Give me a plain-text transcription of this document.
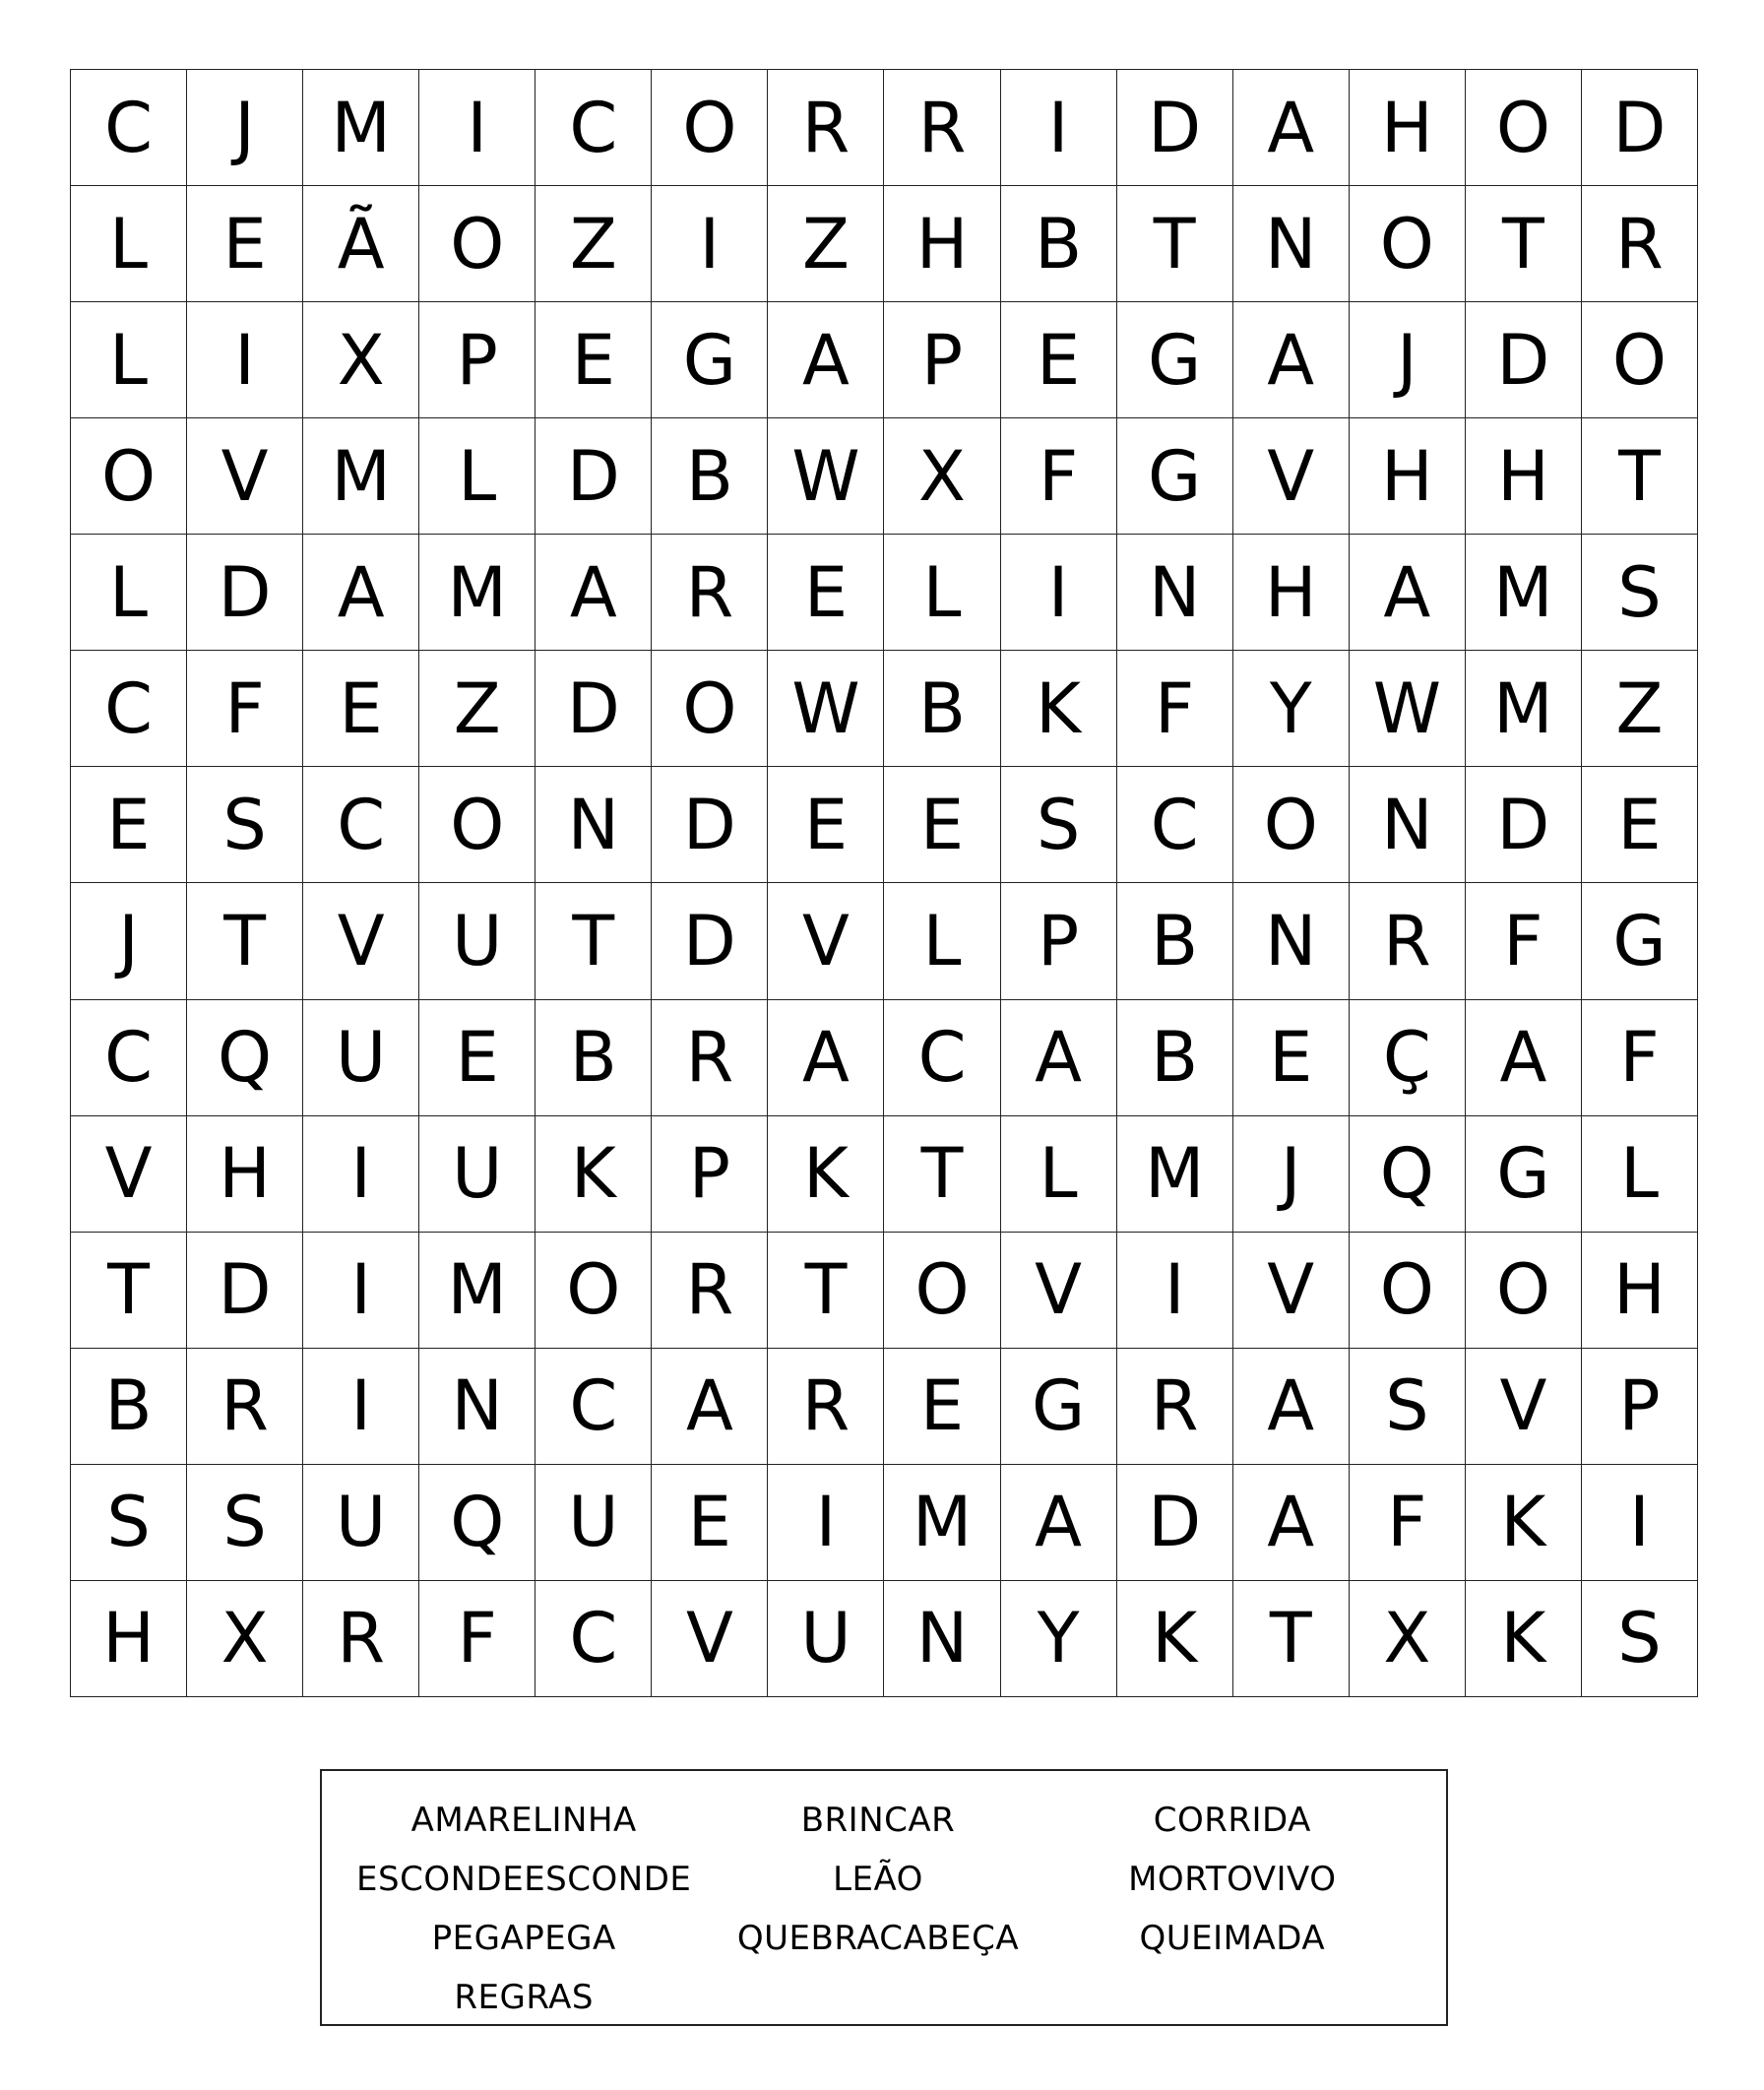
C	J	M	I	C O R R	I	D A H O D
L	E	Ã O Z	I	Z H B	T	N O T	R
L	I	X	P	E G A	P	E G A	J	D O
O V M L	D B W X	F	G V H H	T
L	D A M A R	E	L	I	N H A M S
C	F	E	Z D O W B	K	F	Y W M Z
E	S	C O N D E	E	S	C O N D E
J	T	V U	T D V	L	P	B N R	F	G
C Q U	E	B R A C A	B	E	Ç A	F
V H	I	U K	P	K	T	L M	J	Q G	L
T D	I	M O R	T O V	I	V O O H
B R	I	N C A R	E G R A	S	V	P
S	S	U Q U	E	I	M A D A	F	K	I
H X R	F	C V U N	Y	K	T	X	K	S
AMARELINHA
ESCONDEESCONDE
PEGAPEGA
REGRAS
BRINCAR
LEÃO
QUEBRACABEÇA
CORRIDA
MORTOVIVO
QUEIMADA
